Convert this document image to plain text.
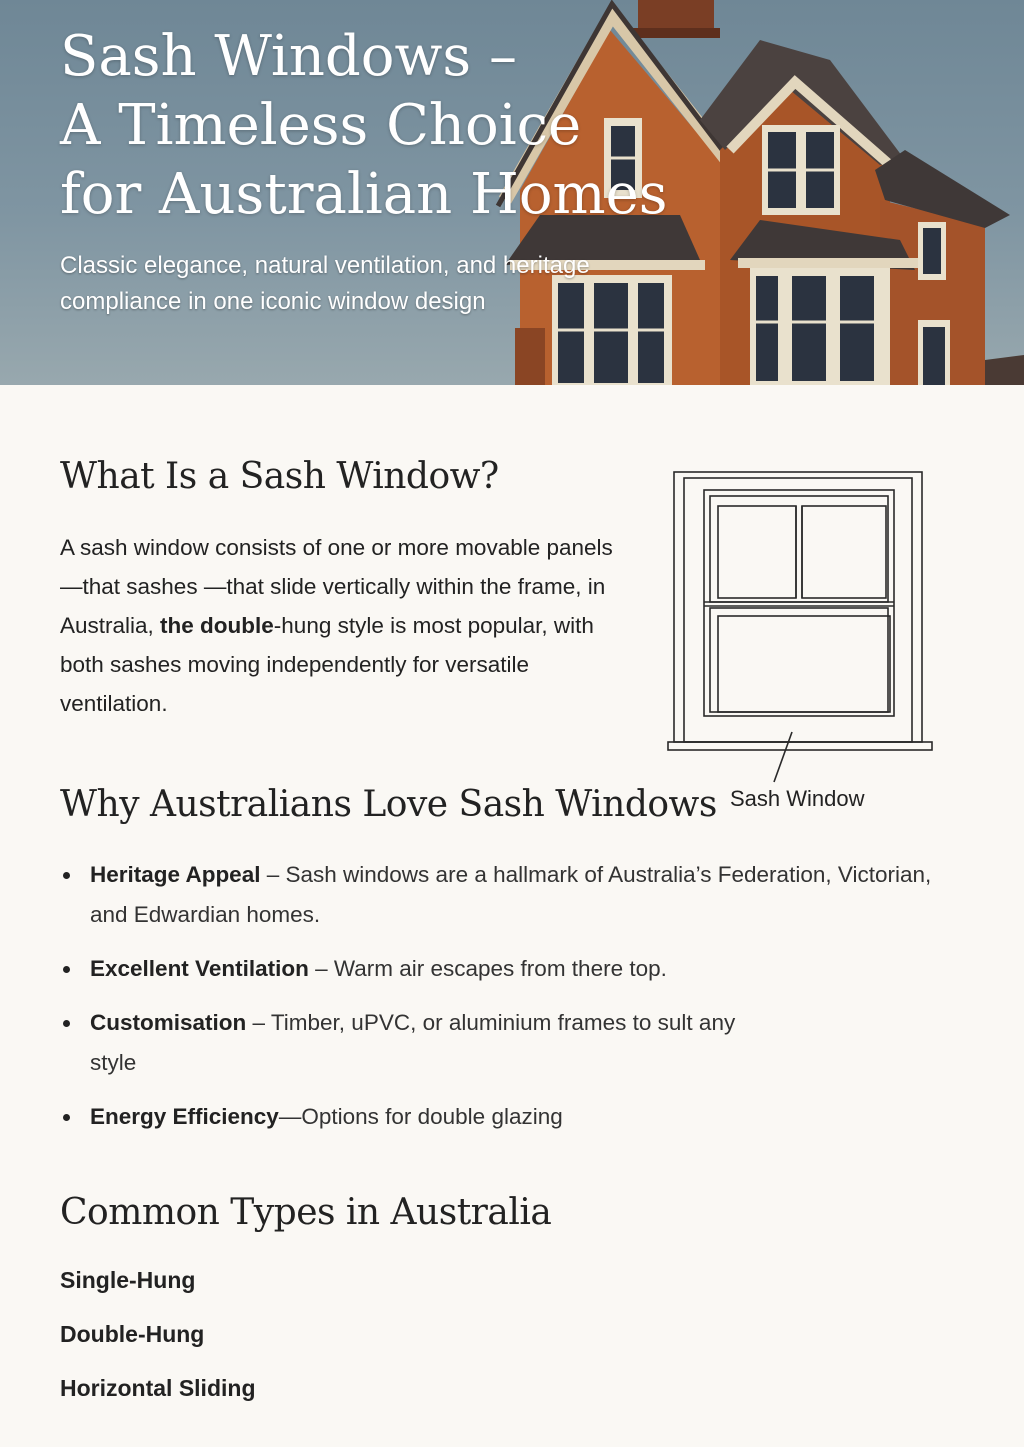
Sash Windows –
A Timeless Choice
for Australian Homes

Classic elegance, natural ventilation, and heritage
compliance in one iconic window design

What Is a Sash Window?

A sash window consists of one or more movable panels —that sashes —that slide vertically within the frame, in Australia, the double-hung style is most popular, with both sashes moving independently for versatile ventilation.

Sash Window
Why Australians Love Sash Windows
Heritage Appeal – Sash windows are a hallmark of Australia’s Federation, Victorian, and Edwardian homes.
Excellent Ventilation – Warm air escapes from there top.
Customisation – Timber, uPVC, or aluminium frames to sult any style
Energy Efficiency—Options for double glazing
Common Types in Australia
Single-Hung
Double-Hung
Horizontal Sliding
